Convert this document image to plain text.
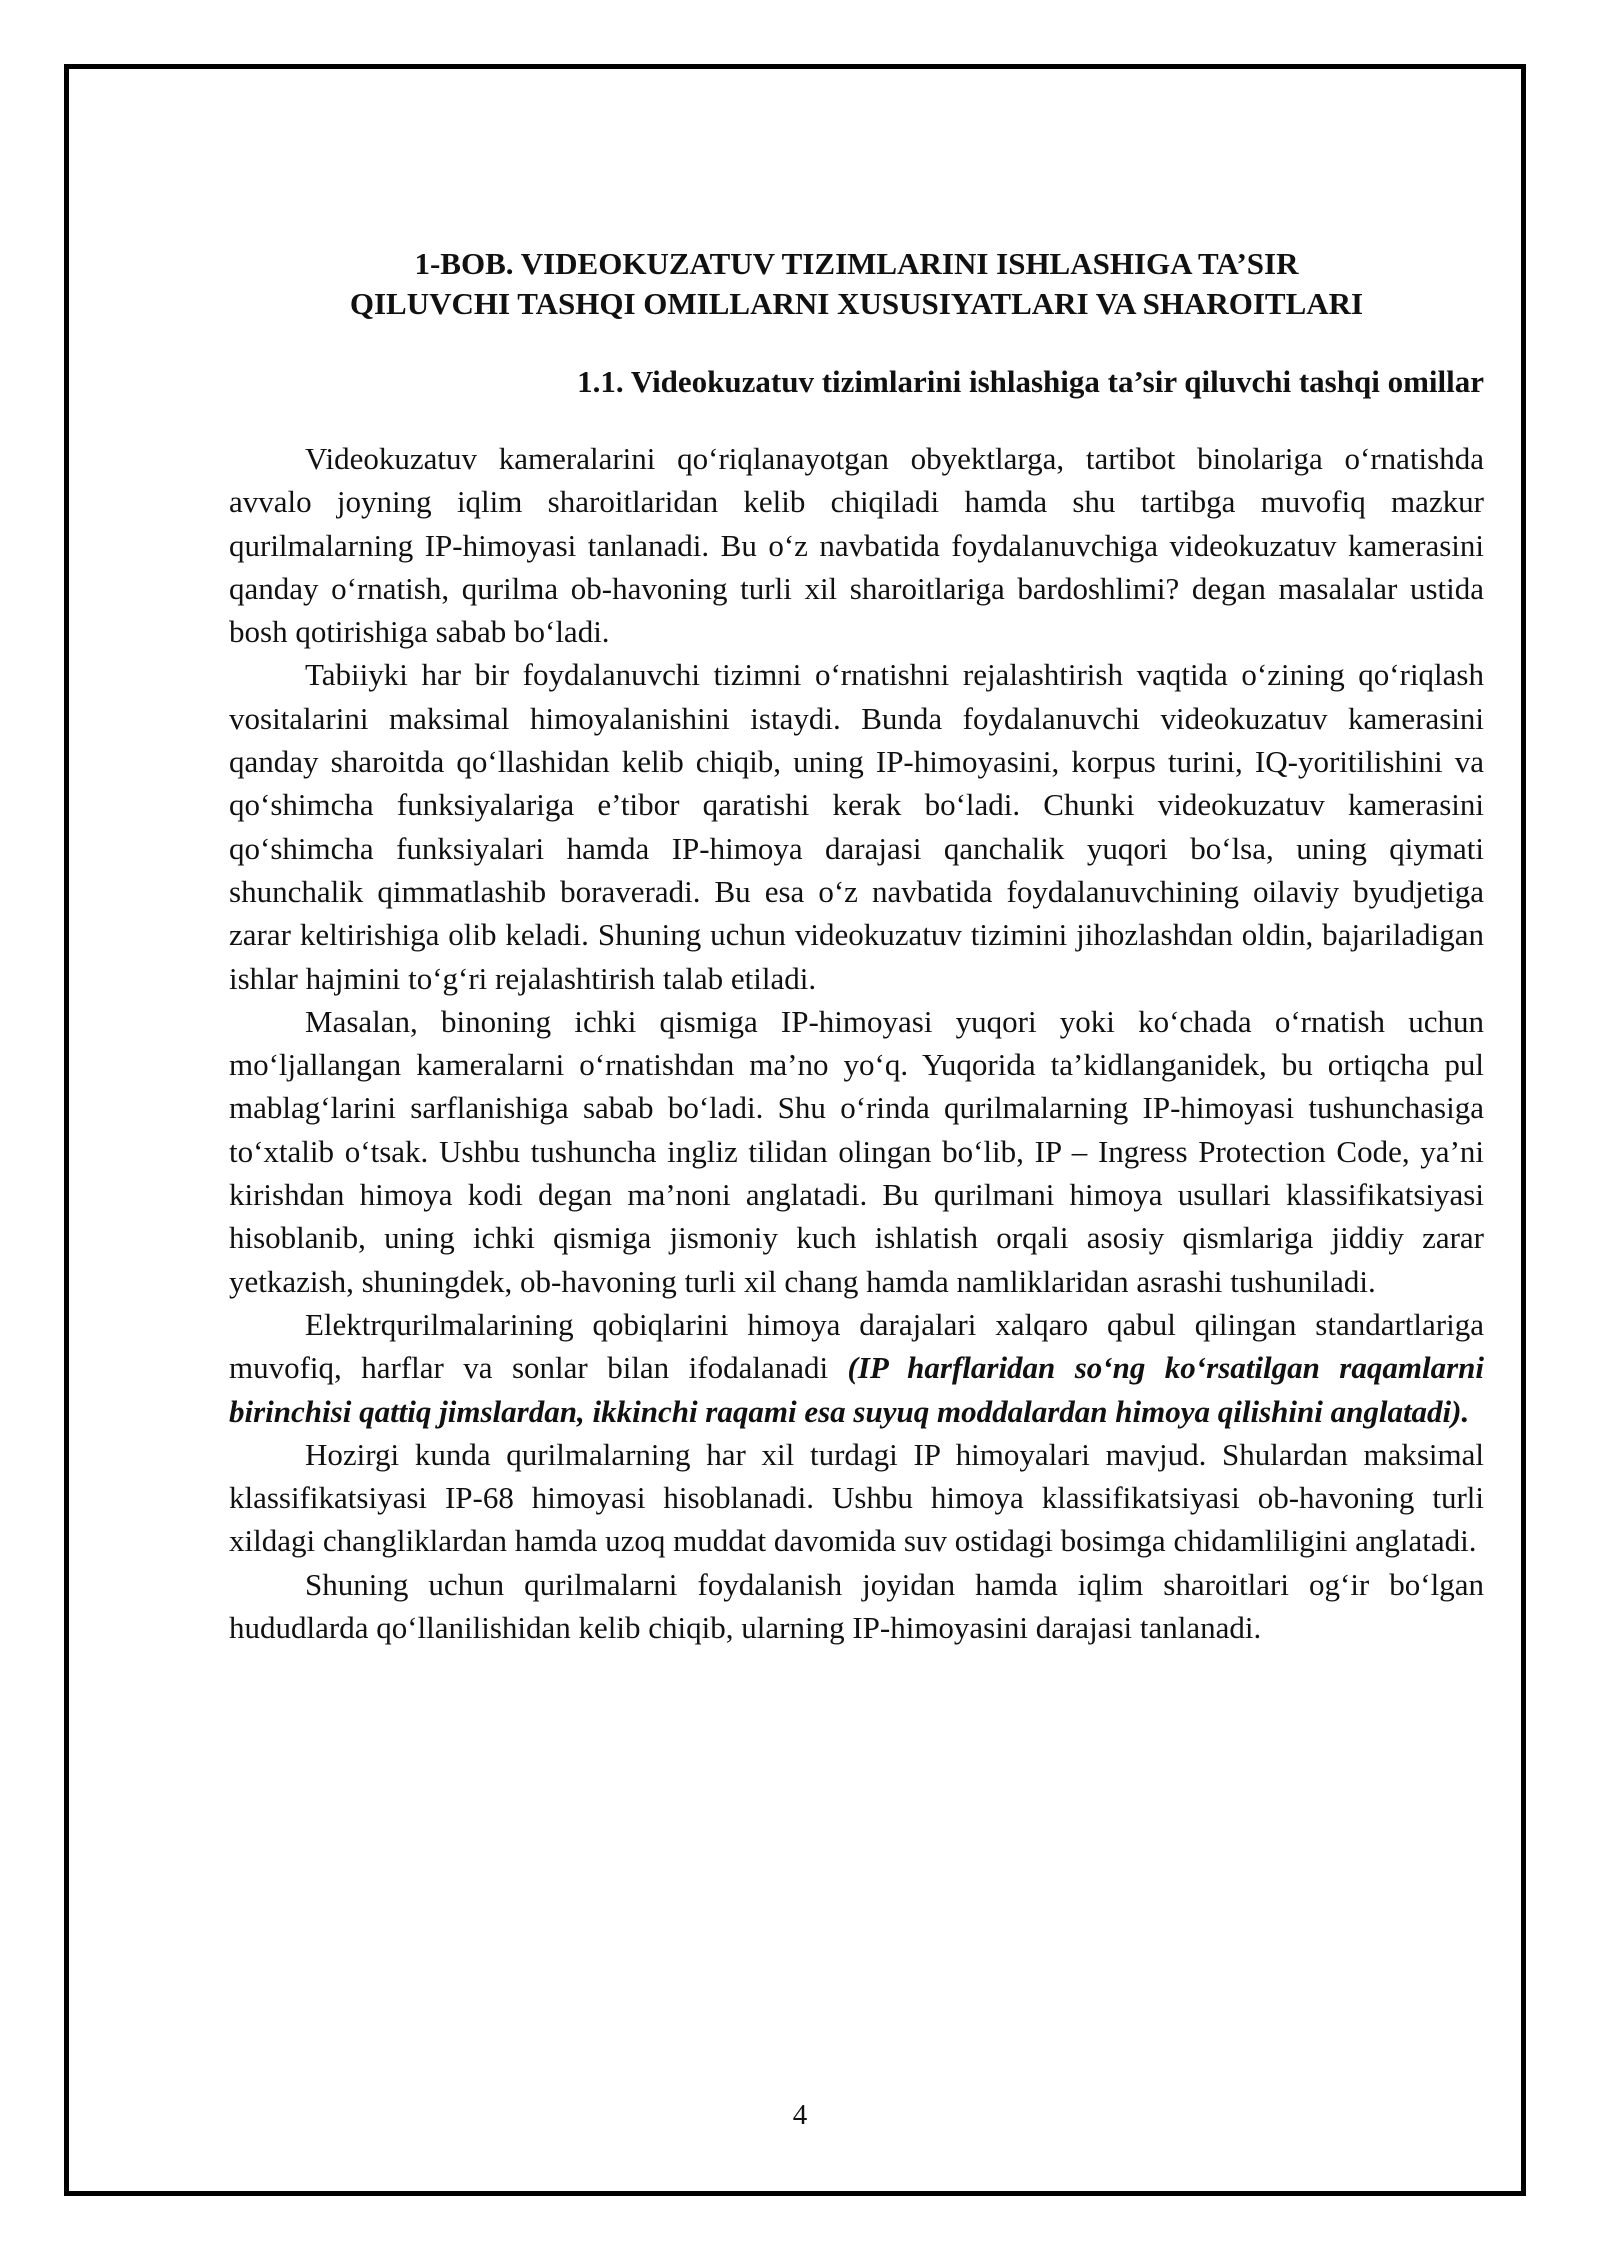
1-BOB. VIDEOKUZATUV TIZIMLARINI ISHLASHIGA TA’SIR
QILUVCHI TASHQI OMILLARNI XUSUSIYATLARI VA SHAROITLARI
1.1. Videokuzatuv tizimlarini ishlashiga ta’sir qiluvchi tashqi omillar

Videokuzatuv kameralarini qo‘riqlanayotgan obyektlarga, tartibot binolariga o‘rnatishda avvalo joyning iqlim sharoitlaridan kelib chiqiladi hamda shu tartibga muvofiq mazkur qurilmalarning IP-himoyasi tanlanadi. Bu o‘z navbatida foydalanuvchiga videokuzatuv kamerasini qanday o‘rnatish, qurilma ob-havoning turli xil sharoitlariga bardoshlimi? degan masalalar ustida bosh qotirishiga sabab bo‘ladi.

Tabiiyki har bir foydalanuvchi tizimni o‘rnatishni rejalashtirish vaqtida o‘zining qo‘riqlash vositalarini maksimal himoyalanishini istaydi. Bunda foydalanuvchi videokuzatuv kamerasini qanday sharoitda qo‘llashidan kelib chiqib, uning IP-himoyasini, korpus turini, IQ-yoritilishini va qo‘shimcha funksiyalariga e’tibor qaratishi kerak bo‘ladi. Chunki videokuzatuv kamerasini qo‘shimcha funksiyalari hamda IP-himoya darajasi qanchalik yuqori bo‘lsa, uning qiymati shunchalik qimmatlashib boraveradi. Bu esa o‘z navbatida foydalanuvchining oilaviy byudjetiga zarar keltirishiga olib keladi. Shuning uchun videokuzatuv tizimini jihozlashdan oldin, bajariladigan ishlar hajmini to‘g‘ri rejalashtirish talab etiladi.

Masalan, binoning ichki qismiga IP-himoyasi yuqori yoki ko‘chada o‘rnatish uchun mo‘ljallangan kameralarni o‘rnatishdan ma’no yo‘q. Yuqorida ta’kidlanganidek, bu ortiqcha pul mablag‘larini sarflanishiga sabab bo‘ladi. Shu o‘rinda qurilmalarning IP-himoyasi tushunchasiga to‘xtalib o‘tsak. Ushbu tushuncha ingliz tilidan olingan bo‘lib, IP – Ingress Protection Code, ya’ni kirishdan himoya kodi degan ma’noni anglatadi. Bu qurilmani himoya usullari klassifikatsiyasi hisoblanib, uning ichki qismiga jismoniy kuch ishlatish orqali asosiy qismlariga jiddiy zarar yetkazish, shuningdek, ob-havoning turli xil chang hamda namliklaridan asrashi tushuniladi.

Elektrqurilmalarining qobiqlarini himoya darajalari xalqaro qabul qilingan standartlariga muvofiq, harflar va sonlar bilan ifodalanadi (IP harflaridan so‘ng ko‘rsatilgan raqamlarni birinchisi qattiq jimslardan, ikkinchi raqami esa suyuq moddalardan himoya qilishini anglatadi).

Hozirgi kunda qurilmalarning har xil turdagi IP himoyalari mavjud. Shulardan maksimal klassifikatsiyasi IP-68 himoyasi hisoblanadi. Ushbu himoya klassifikatsiyasi ob-havoning turli xildagi changliklardan hamda uzoq muddat davomida suv ostidagi bosimga chidamliligini anglatadi.

Shuning uchun qurilmalarni foydalanish joyidan hamda iqlim sharoitlari og‘ir bo‘lgan hududlarda qo‘llanilishidan kelib chiqib, ularning IP-himoyasini darajasi tanlanadi.

4
